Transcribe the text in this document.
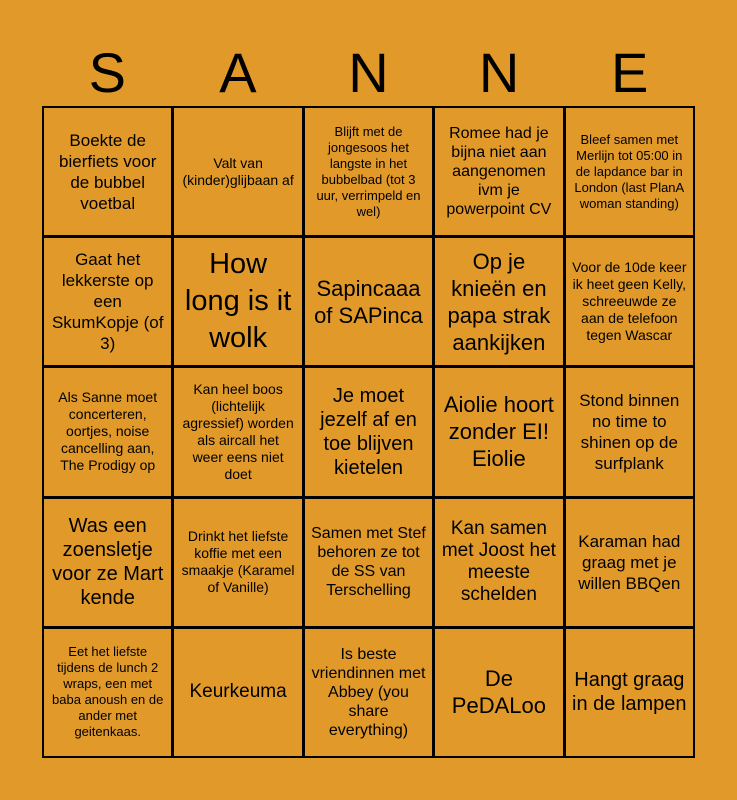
S	A	N	N	E
Boekte de bierfiets voor de bubbel voetbal
Valt van (kinder)glijbaan af
Blijft met de jongesoos het langste in het bubbelbad (tot 3 uur, verrimpeld en wel)
Romee had je bijna niet aan aangenomen ivm je powerpoint CV
Bleef samen met Merlijn tot 05:00 in de lapdance bar in London (last PlanA woman standing)
Gaat het lekkerste op een SkumKopje (of 3)
How long is it wolk
Sapincaaa of SAPinca
Op je knieën en papa strak aankijken
Voor de 10de keer ik heet geen Kelly, schreeuwde ze aan de telefoon tegen Wascar
Als Sanne moet concerteren, oortjes, noise cancelling aan, The Prodigy op
Kan heel boos (lichtelijk agressief) worden als aircall het weer eens niet doet
Je moet jezelf af en toe blijven kietelen
Aiolie hoort zonder EI! Eiolie
Stond binnen no time to shinen op de surfplank
Was een zoensletje voor ze Mart kende
Drinkt het liefste koffie met een smaakje (Karamel of Vanille)
Samen met Stef behoren ze tot de SS van Terschelling
Kan samen met Joost het meeste schelden
Karaman had graag met je willen BBQen
Eet het liefste tijdens de lunch 2 wraps, een met baba anoush en de ander met geitenkaas.
Keurkeuma
Is beste vriendinnen met Abbey (you share everything)
De PeDALoo
Hangt graag in de lampen
